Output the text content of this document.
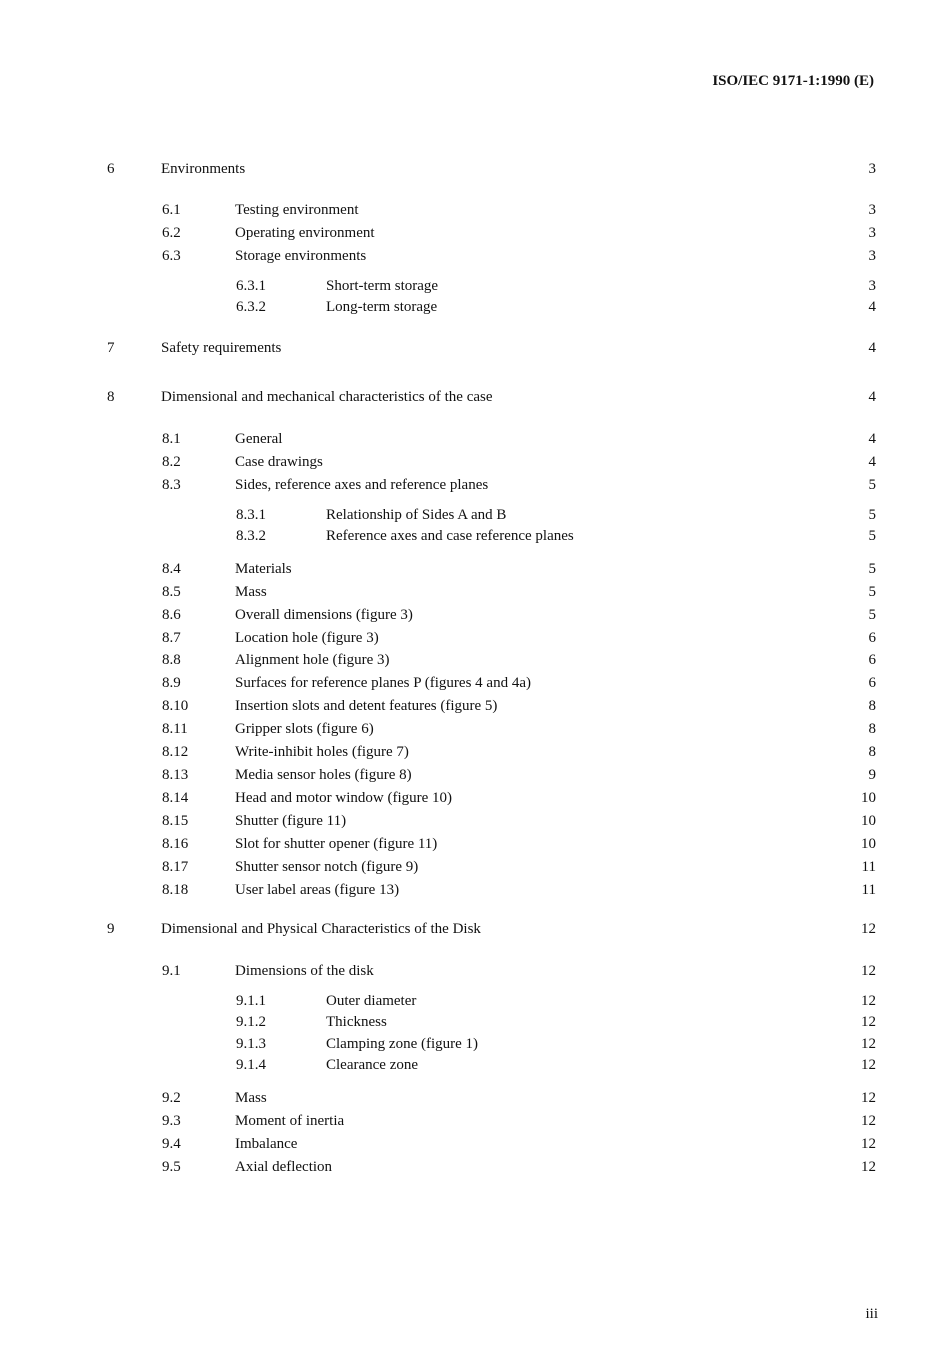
ISO/IEC 9171-1:1990 (E)
6	Environments	3
6.1	Testing environment	3
6.2	Operating environment	3
6.3	Storage environments	3
6.3.1	Short-term storage	3
6.3.2	Long-term storage	4
7	Safety requirements	4
8	Dimensional and mechanical characteristics of the case	4
8.1	General	4
8.2	Case drawings	4
8.3	Sides, reference axes and reference planes	5
8.3.1	Relationship of Sides A and B	5
8.3.2	Reference axes and case reference planes	5
8.4	Materials	5
8.5	Mass	5
8.6	Overall dimensions (figure 3)	5
8.7	Location hole (figure 3)	6
8.8	Alignment hole (figure 3)	6
8.9	Surfaces for reference planes P (figures 4 and 4a)	6
8.10	Insertion slots and detent features (figure 5)	8
8.11	Gripper slots (figure 6)	8
8.12	Write-inhibit holes (figure 7)	8
8.13	Media sensor holes (figure 8)	9
8.14	Head and motor window (figure 10)	10
8.15	Shutter (figure 11)	10
8.16	Slot for shutter opener (figure 11)	10
8.17	Shutter sensor notch (figure 9)	11
8.18	User label areas (figure 13)	11
9	Dimensional and Physical Characteristics of the Disk	12
9.1	Dimensions of the disk	12
9.1.1	Outer diameter	12
9.1.2	Thickness	12
9.1.3	Clamping zone (figure 1)	12
9.1.4	Clearance zone	12
9.2	Mass	12
9.3	Moment of inertia	12
9.4	Imbalance	12
9.5	Axial deflection	12
iii
